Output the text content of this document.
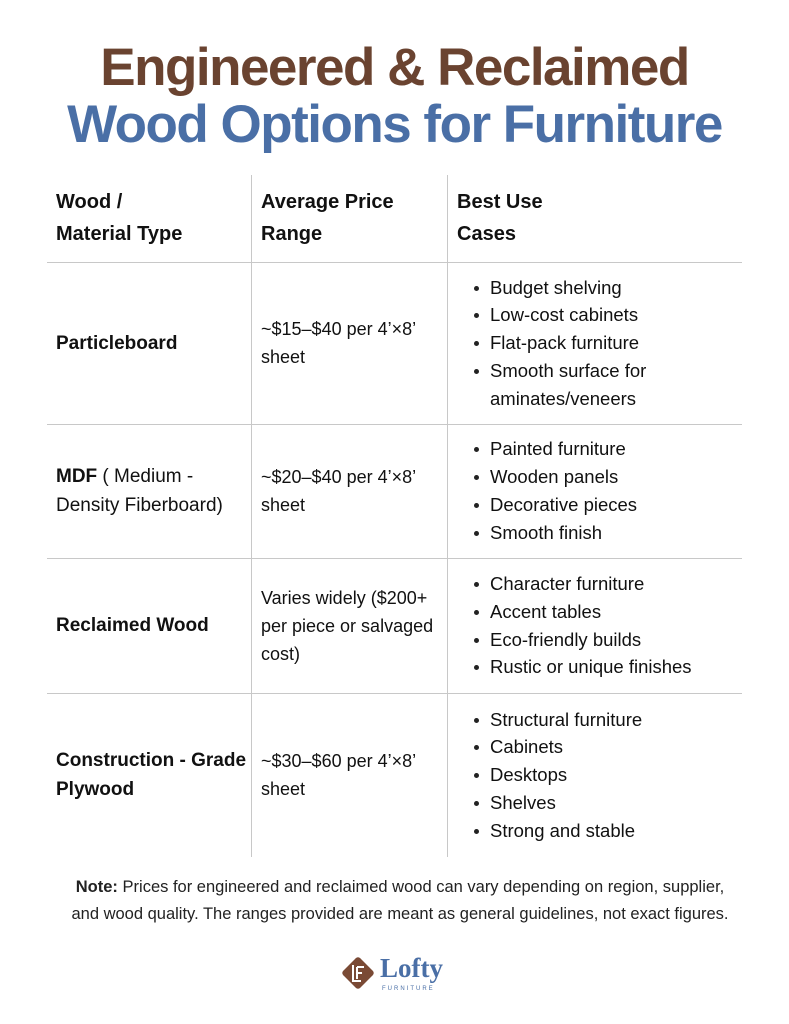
Engineered & Reclaimed
Wood Options for Furniture
Wood /
Material Type
Average Price
Range
Best Use
Cases
Particleboard
~$15–$40 per 4’×8’ sheet
Budget shelving
Low-cost cabinets
Flat-pack furniture
Smooth surface for aminates/veneers
MDF ( Medium - Density Fiberboard)
~$20–$40 per 4’×8’ sheet
Painted furniture
Wooden panels
Decorative pieces
Smooth finish
Reclaimed Wood
Varies widely ($200+ per piece or salvaged cost)
Character furniture
Accent tables
Eco-friendly builds
Rustic or unique finishes
Construction - Grade Plywood
~$30–$60 per 4’×8’ sheet
Structural furniture
Cabinets
Desktops
Shelves
Strong and stable
Note: Prices for engineered and reclaimed wood can vary depending on region, supplier, and wood quality. The ranges provided are meant as general guidelines, not exact figures.
Lofty
FURNITURE
